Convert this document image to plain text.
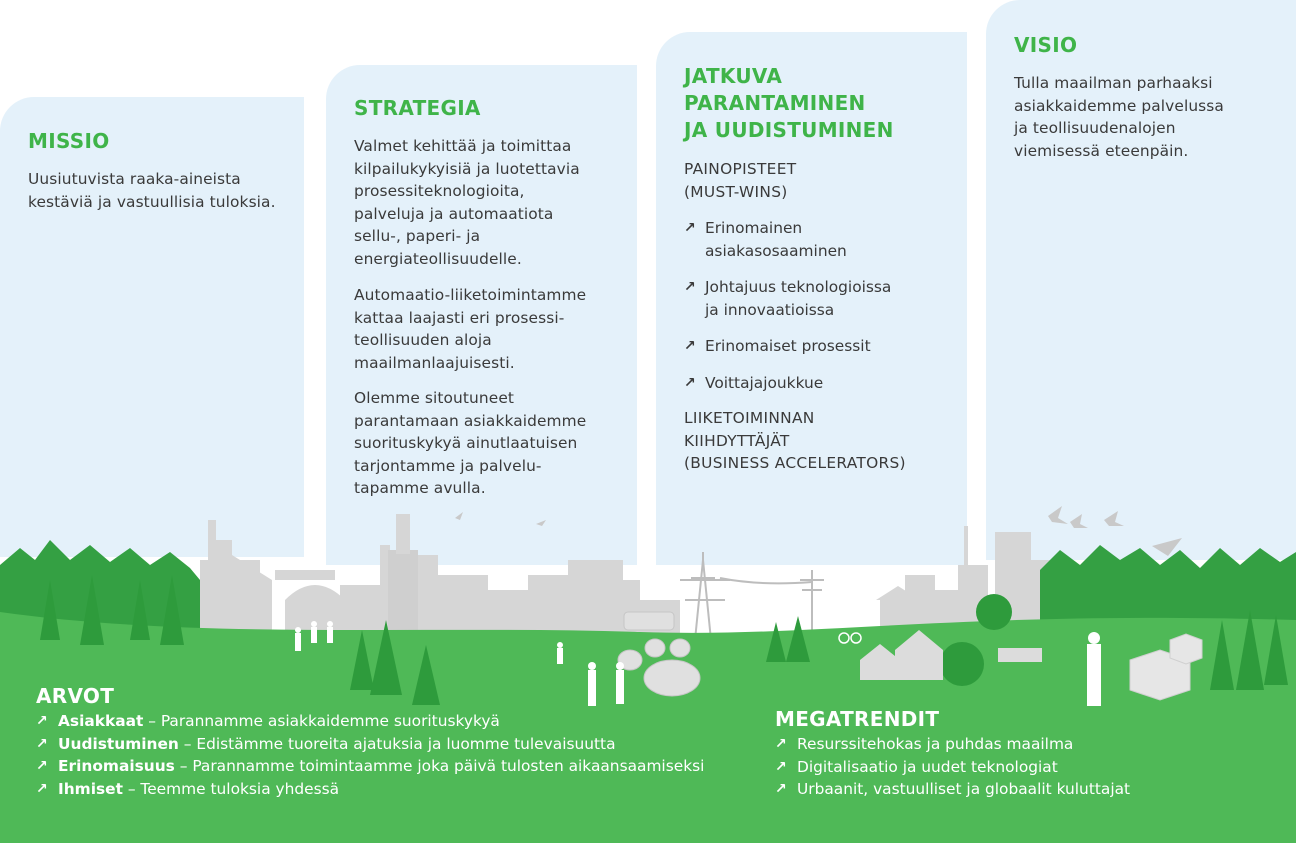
MISSIO

Uusiutuvista raaka-aineista
kestäviä ja vastuullisia tuloksia.

STRATEGIA

Valmet kehittää ja toimittaa
kilpailukykyisiä ja luotettavia
prosessiteknologioita,
palveluja ja automaatiota
sellu-, paperi- ja
energiateollisuudelle.

Automaatio-liiketoimintamme
kattaa laajasti eri prosessi-
teollisuuden aloja
maailmanlaajuisesti.

Olemme sitoutuneet
parantamaan asiakkaidemme
suorituskykyä ainutlaatuisen
tarjontamme ja palvelu-
tapamme avulla.

JATKUVA
PARANTAMINEN
JA UUDISTUMINEN

PAINOPISTEET
(MUST-WINS)

↗ Erinomainen
asiakasosaaminen
↗ Johtajuus teknologioissa
ja innovaatioissa
↗ Erinomaiset prosessit
↗ Voittajajoukkue

LIIKETOIMINNAN
KIIHDYTTÄJÄT
(BUSINESS ACCELERATORS)

VISIO

Tulla maailman parhaaksi
asiakkaidemme palvelussa
ja teollisuudenalojen
viemisessä eteenpäin.

ARVOT
↗ Asiakkaat – Parannamme asiakkaidemme suorituskykyä
↗ Uudistuminen – Edistämme tuoreita ajatuksia ja luomme tulevaisuutta
↗ Erinomaisuus – Parannamme toimintaamme joka päivä tulosten aikaansaamiseksi
↗ Ihmiset – Teemme tuloksia yhdessä
MEGATRENDIT
↗ Resurssitehokas ja puhdas maailma
↗ Digitalisaatio ja uudet teknologiat
↗ Urbaanit, vastuulliset ja globaalit kuluttajat
